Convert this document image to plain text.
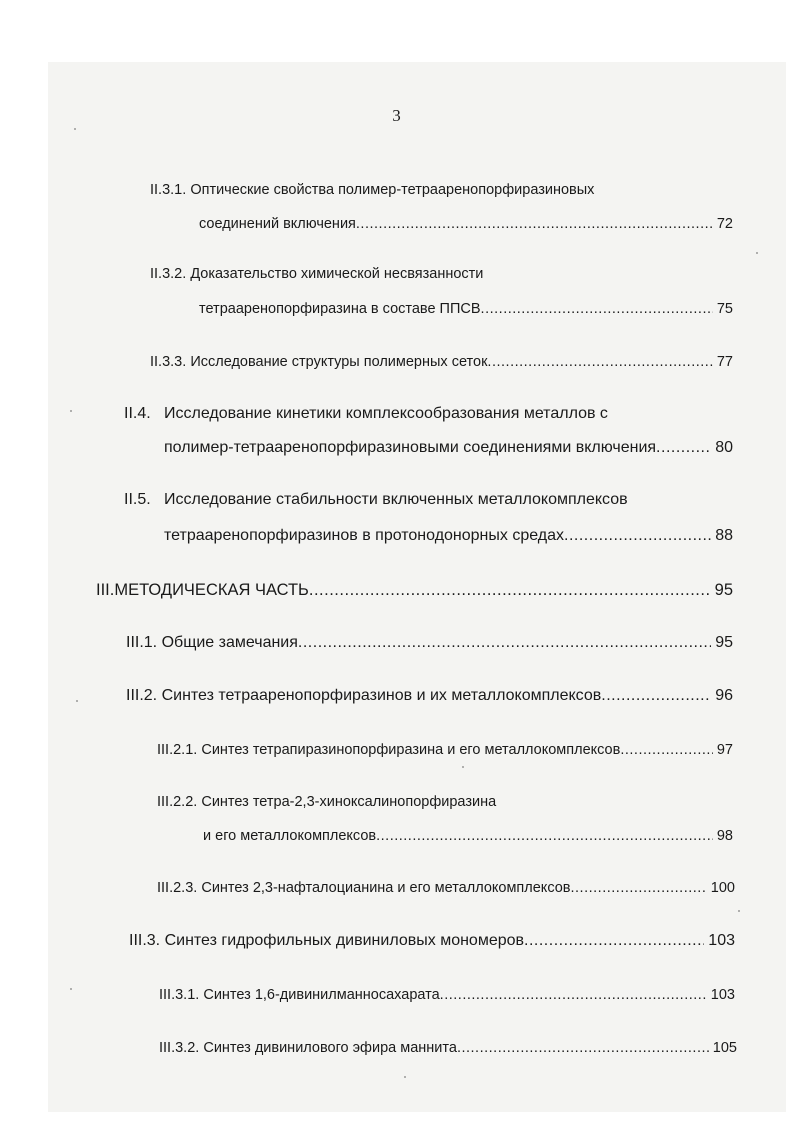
3
II.3.1.
Оптические свойства полимер-тетраареноп​орфиразиновых
соединений включения .....	72
II.3.2.
Доказательство химической несвязанности
тетраареноп​орфиразина в составе ППСВ .....	75
II.3.3.
Исследование структуры полимерных сеток .....	77
II.4. Исследование кинетики комплексообразования металлов с
полимер-тетраареноп​орфиразиновыми соединениями включения .....	80
II.5. Исследование стабильности включенных металлокомплексов
тетраареноп​орфиразинов в протонодонорных средах .....	88
III. МЕТОДИЧЕСКАЯ ЧАСТЬ .....	95
III.1.
Общие замечания .....	95
III.2.
Синтез тетраареноп​орфиразинов и их металлокомплексов .....	96
III.2.1.
Синтез тетрапиразиноп​орфиразина и его металлокомплексов .....	97
III.2.2.
Синтез тетра-2,3-хиноксалиноп​орфиразина
и его металлокомплексов .....	98
III.2.3.
Синтез 2,3-нафталоцианина и его металлокомплексов .....	100
III.3.
Синтез гидрофильных дивиниловых мономеров .....	103
III.3.1.
Синтез 1,6-дивинилманносахарата .....	103
III.3.2.
Синтез дивинилового эфира маннита .....	105
